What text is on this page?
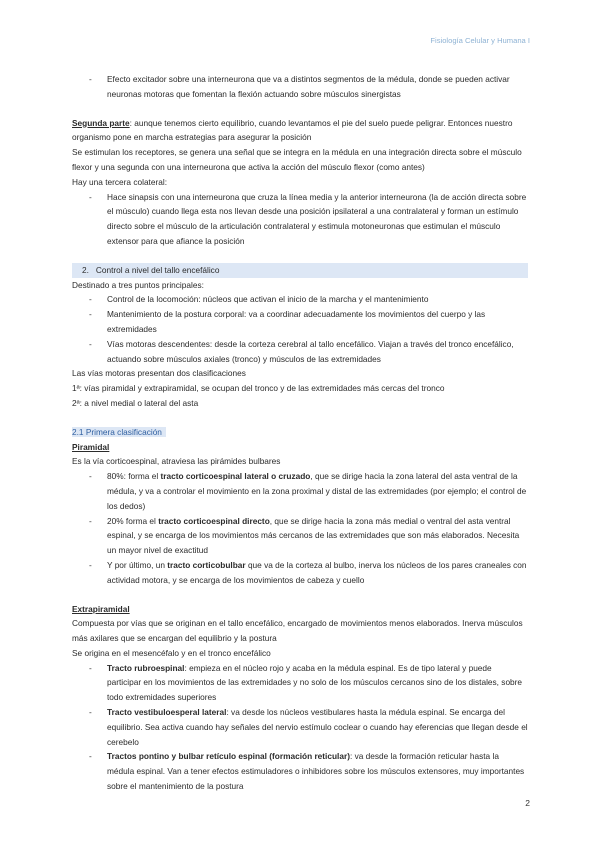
Fisiología Celular y Humana I
- Efecto excitador sobre una interneurona que va a distintos segmentos de la médula, donde se pueden activar neuronas motoras que fomentan la flexión actuando sobre músculos sinergistas

Segunda parte: aunque tenemos cierto equilibrio, cuando levantamos el pie del suelo puede peligrar. Entonces nuestro organismo pone en marcha estrategias para asegurar la posición

Se estimulan los receptores, se genera una señal que se integra en la médula en una integración directa sobre el músculo flexor y una segunda con una interneurona que activa la acción del músculo flexor (como antes)

Hay una tercera colateral:

- Hace sinapsis con una interneurona que cruza la línea media y la anterior interneurona (la de acción directa sobre el músculo) cuando llega esta nos llevan desde una posición ipsilateral a una contralateral y forman un estímulo directo sobre el músculo de la articulación contralateral y estimula motoneuronas que estimulan el músculo extensor para que afiance la posición
2. Control a nivel del tallo encefálico

Destinado a tres puntos principales:

- Control de la locomoción: núcleos que activan el inicio de la marcha y el mantenimiento
- Mantenimiento de la postura corporal: va a coordinar adecuadamente los movimientos del cuerpo y las extremidades
- Vías motoras descendentes: desde la corteza cerebral al tallo encefálico. Viajan a través del tronco encefálico, actuando sobre músculos axiales (tronco) y músculos de las extremidades

Las vías motoras presentan dos clasificaciones

1ª: vías piramidal y extrapiramidal, se ocupan del tronco y de las extremidades más cercas del tronco

2ª: a nivel medial o lateral del asta

2.1 Primera clasificación

Piramidal

Es la vía corticoespinal, atraviesa las pirámides bulbares

- 80%: forma el tracto corticoespinal lateral o cruzado, que se dirige hacia la zona lateral del asta ventral de la médula, y va a controlar el movimiento en la zona proximal y distal de las extremidades (por ejemplo; el control de los dedos)
- 20% forma el tracto corticoespinal directo, que se dirige hacia la zona más medial o ventral del asta ventral espinal, y se encarga de los movimientos más cercanos de las extremidades que son más elaborados. Necesita un mayor nivel de exactitud
- Y por último, un tracto corticobulbar que va de la corteza al bulbo, inerva los núcleos de los pares craneales con actividad motora, y se encarga de los movimientos de cabeza y cuello

Extrapiramidal

Compuesta por vías que se originan en el tallo encefálico, encargado de movimientos menos elaborados. Inerva músculos más axilares que se encargan del equilibrio y la postura

Se origina en el mesencéfalo y en el tronco encefálico

- Tracto rubroespinal: empieza en el núcleo rojo y acaba en la médula espinal. Es de tipo lateral y puede participar en los movimientos de las extremidades y no solo de los músculos cercanos sino de los distales, sobre todo extremidades superiores
- Tracto vestibuloesperal lateral: va desde los núcleos vestibulares hasta la médula espinal. Se encarga del equilibrio. Sea activa cuando hay señales del nervio estímulo coclear o cuando hay eferencias que llegan desde el cerebelo
- Tractos pontino y bulbar retículo espinal (formación reticular): va desde la formación reticular hasta la médula espinal. Van a tener efectos estimuladores o inhibidores sobre los músculos extensores, muy importantes sobre el mantenimiento de la postura
2
